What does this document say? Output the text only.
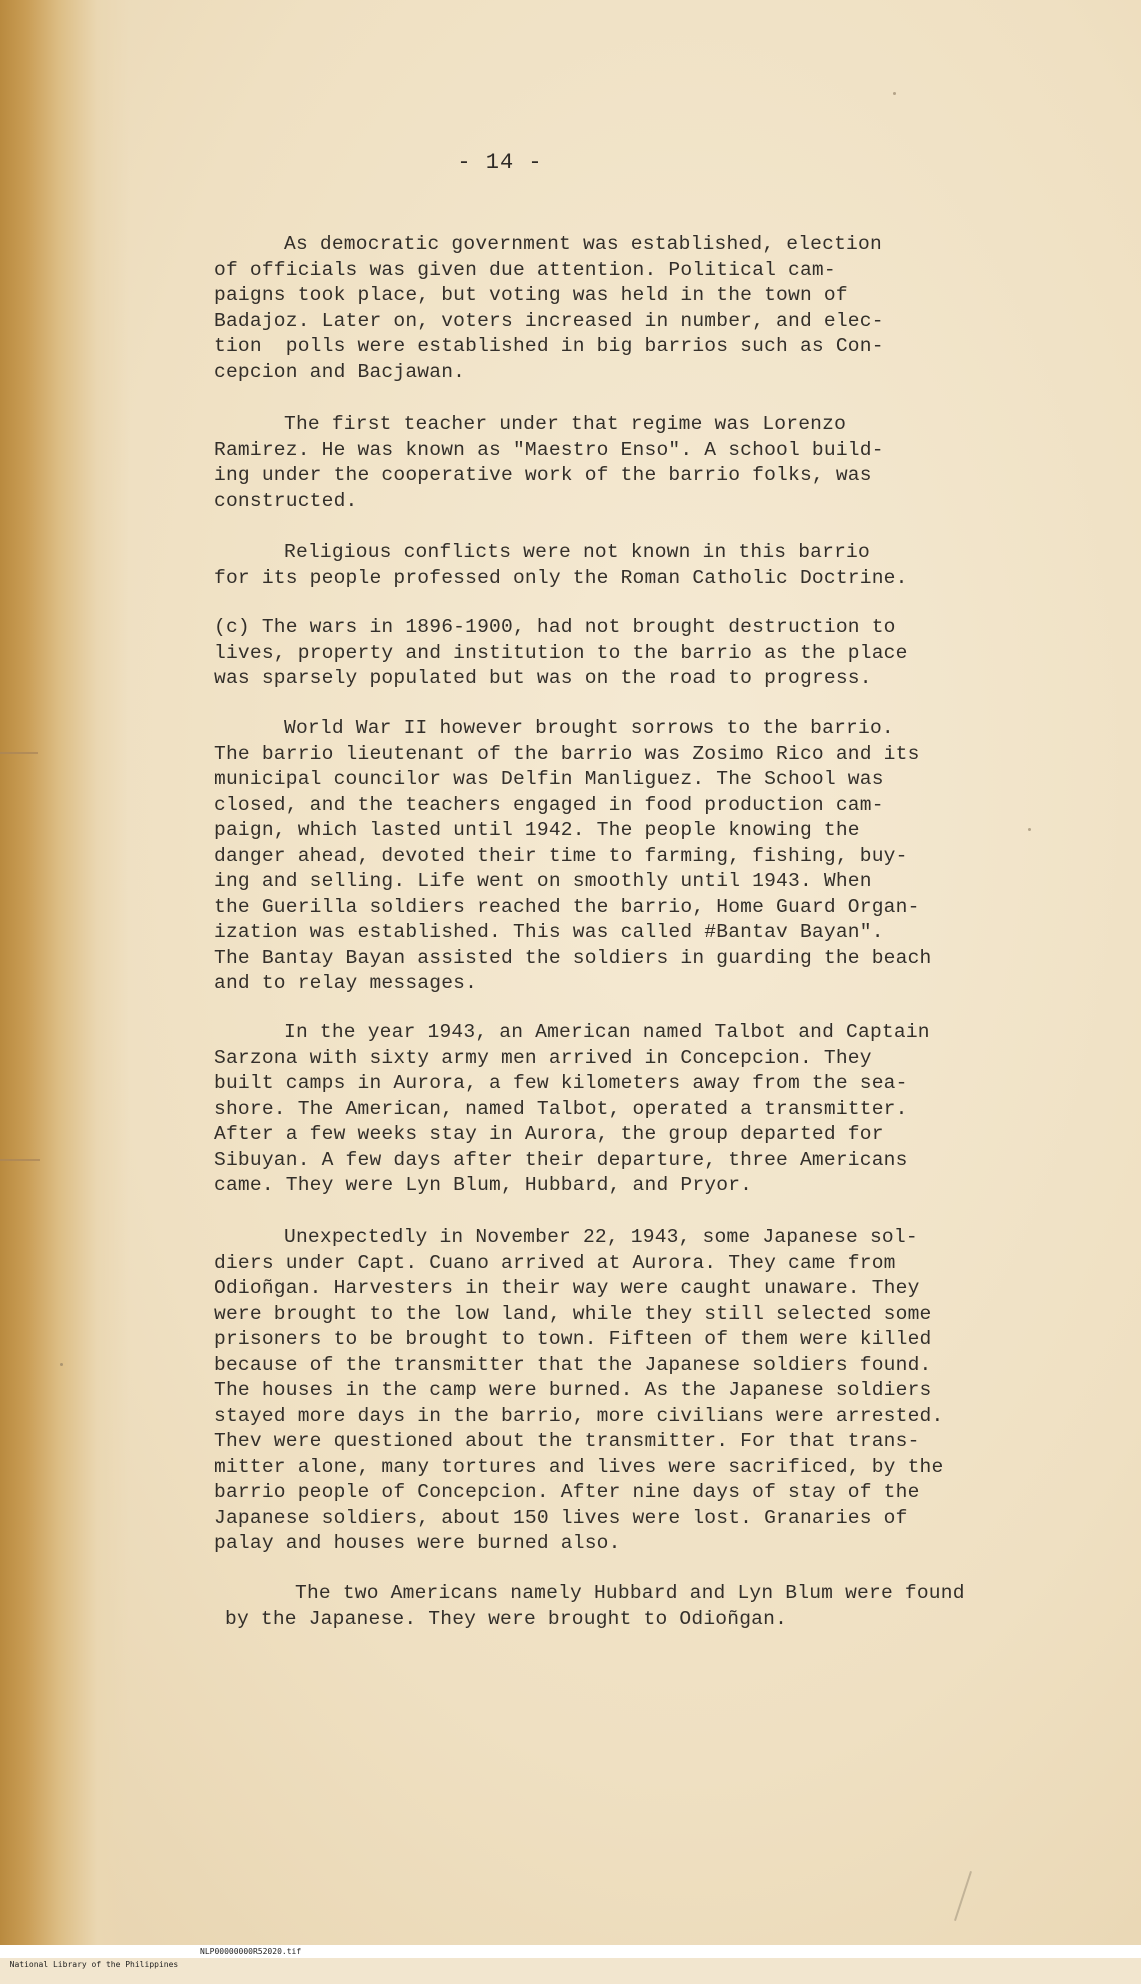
- 14 -
As democratic government was established, election
of officials was given due attention. Political cam-
paigns took place, but voting was held in the town of
Badajoz. Later on, voters increased in number, and elec-
tion  polls were established in big barrios such as Con-
cepcion and Bacjawan.
The first teacher under that regime was Lorenzo
Ramirez. He was known as "Maestro Enso". A school build-
ing under the cooperative work of the barrio folks, was
constructed.
Religious conflicts were not known in this barrio
for its people professed only the Roman Catholic Doctrine.
(c) The wars in 1896-1900, had not brought destruction to
lives, property and institution to the barrio as the place
was sparsely populated but was on the road to progress.
World War II however brought sorrows to the barrio.
The barrio lieutenant of the barrio was Zosimo Rico and its
municipal councilor was Delfin Manliguez. The School was
closed, and the teachers engaged in food production cam-
paign, which lasted until 1942. The people knowing the
danger ahead, devoted their time to farming, fishing, buy-
ing and selling. Life went on smoothly until 1943. When
the Guerilla soldiers reached the barrio, Home Guard Organ-
ization was established. This was called #Bantav Bayan".
The Bantay Bayan assisted the soldiers in guarding the beach
and to relay messages.
In the year 1943, an American named Talbot and Captain
Sarzona with sixty army men arrived in Concepcion. They
built camps in Aurora, a few kilometers away from the sea-
shore. The American, named Talbot, operated a transmitter.
After a few weeks stay in Aurora, the group departed for
Sibuyan. A few days after their departure, three Americans
came. They were Lyn Blum, Hubbard, and Pryor.
Unexpectedly in November 22, 1943, some Japanese sol-
diers under Capt. Cuano arrived at Aurora. They came from
Odioñgan. Harvesters in their way were caught unaware. They
were brought to the low land, while they still selected some
prisoners to be brought to town. Fifteen of them were killed
because of the transmitter that the Japanese soldiers found.
The houses in the camp were burned. As the Japanese soldiers
stayed more days in the barrio, more civilians were arrested.
Thev were questioned about the transmitter. For that trans-
mitter alone, many tortures and lives were sacrificed, by the
barrio people of Concepcion. After nine days of stay of the
Japanese soldiers, about 150 lives were lost. Granaries of
palay and houses were burned also.
The two Americans namely Hubbard and Lyn Blum were found
by the Japanese. They were brought to Odioñgan.

National Library of the Philippines

NLP00000000R52020.tif
